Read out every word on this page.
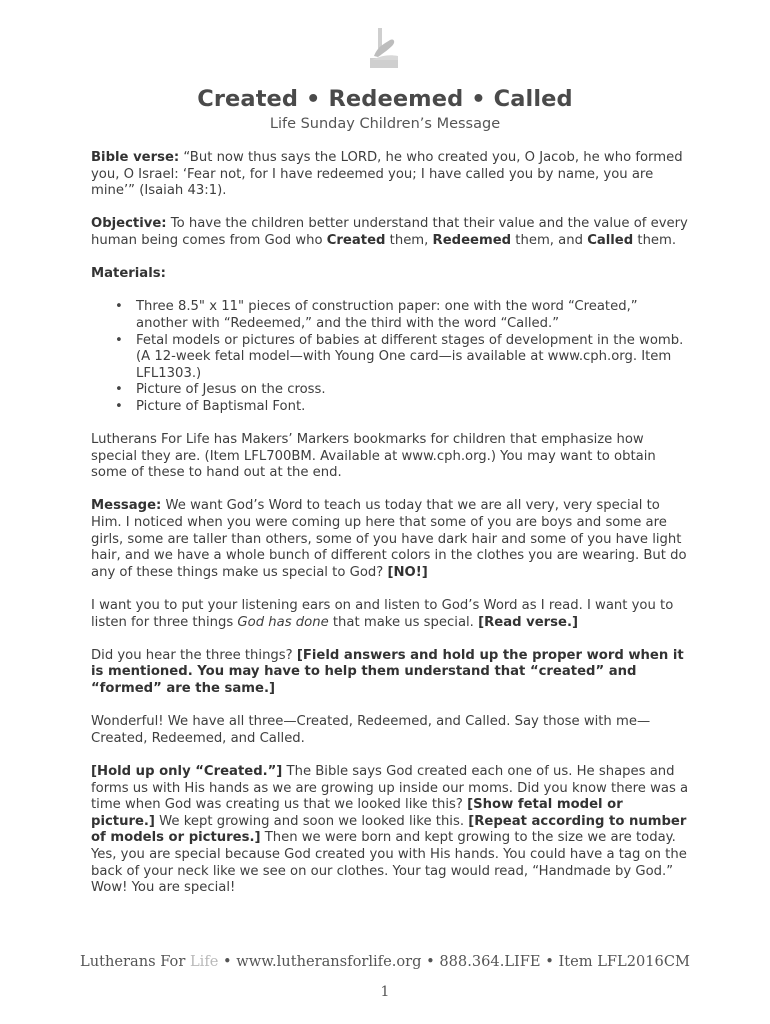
Created • Redeemed • Called
Life Sunday Children’s Message

Bible verse: “But now thus says the LORD, he who created you, O Jacob, he who formed you, O Israel: ‘Fear not, for I have redeemed you; I have called you by name, you are mine’” (Isaiah 43:1).

Objective: To have the children better understand that their value and the value of every human being comes from God who Created them, Redeemed them, and Called them.

Materials:

• Three 8.5" x 11" pieces of construction paper: one with the word “Created,” another with “Redeemed,” and the third with the word “Called.”
• Fetal models or pictures of babies at different stages of development in the womb. (A 12-week fetal model—with Young One card—is available at www.cph.org. Item LFL1303.)
• Picture of Jesus on the cross.
• Picture of Baptismal Font.

Lutherans For Life has Makers’ Markers bookmarks for children that emphasize how special they are. (Item LFL700BM. Available at www.cph.org.) You may want to obtain some of these to hand out at the end.

Message: We want God’s Word to teach us today that we are all very, very special to Him. I noticed when you were coming up here that some of you are boys and some are girls, some are taller than others, some of you have dark hair and some of you have light hair, and we have a whole bunch of different colors in the clothes you are wearing. But do any of these things make us special to God? [NO!]

I want you to put your listening ears on and listen to God’s Word as I read. I want you to listen for three things God has done that make us special. [Read verse.]

Did you hear the three things? [Field answers and hold up the proper word when it is mentioned. You may have to help them understand that “created” and “formed” are the same.]

Wonderful! We have all three—Created, Redeemed, and Called. Say those with me—Created, Redeemed, and Called.

[Hold up only “Created.”] The Bible says God created each one of us. He shapes and forms us with His hands as we are growing up inside our moms. Did you know there was a time when God was creating us that we looked like this? [Show fetal model or picture.] We kept growing and soon we looked like this. [Repeat according to number of models or pictures.] Then we were born and kept growing to the size we are today. Yes, you are special because God created you with His hands. You could have a tag on the back of your neck like we see on our clothes. Your tag would read, “Handmade by God.” Wow! You are special!

Lutherans For Life • www.lutheransforlife.org • 888.364.LIFE • Item LFL2016CM
1
